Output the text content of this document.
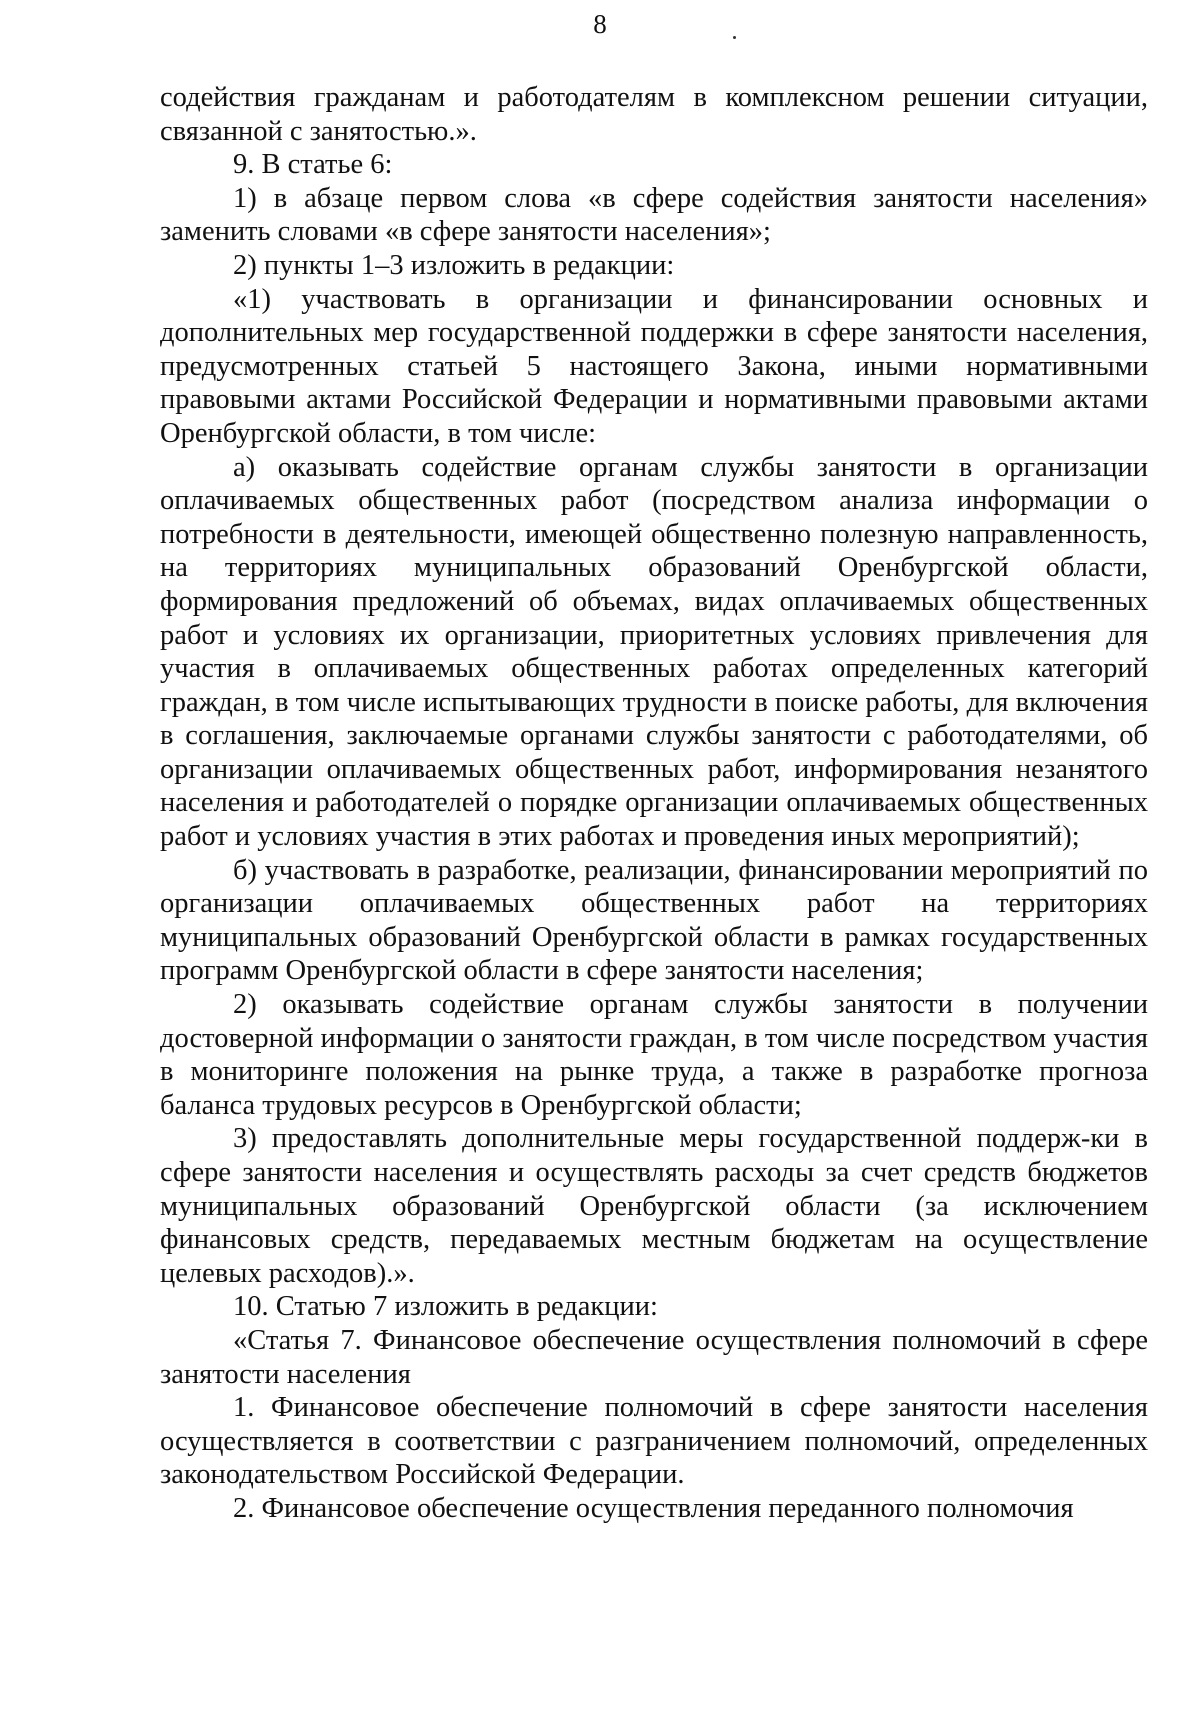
8

содействия гражданам и работодателям в комплексном решении ситуации, связанной с занятостью.».

9. В статье 6:

1) в абзаце первом слова «в сфере содействия занятости населения» заменить словами «в сфере занятости населения»;

2) пункты 1–3 изложить в редакции:

«1) участвовать в организации и финансировании основных и дополнительных мер государственной поддержки в сфере занятости населения, предусмотренных статьей 5 настоящего Закона, иными нормативными правовыми актами Российской Федерации и нормативными правовыми актами Оренбургской области, в том числе:

а) оказывать содействие органам службы занятости в организации оплачиваемых общественных работ (посредством анализа информации о потребности в деятельности, имеющей общественно полезную направленность, на территориях муниципальных образований Оренбургской области, формирования предложений об объемах, видах оплачиваемых общественных работ и условиях их организации, приоритетных условиях привлечения для участия в оплачиваемых общественных работах определенных категорий граждан, в том числе испытывающих трудности в поиске работы, для включения в соглашения, заключаемые органами службы занятости с работодателями, об организации оплачиваемых общественных работ, информирования незанятого населения и работодателей о порядке организации оплачиваемых общественных работ и условиях участия в этих работах и проведения иных мероприятий);

б) участвовать в разработке, реализации, финансировании мероприятий по организации оплачиваемых общественных работ на территориях муниципальных образований Оренбургской области в рамках государственных программ Оренбургской области в сфере занятости населения;

2) оказывать содействие органам службы занятости в получении достоверной информации о занятости граждан, в том числе посредством участия в мониторинге положения на рынке труда, а также в разработке прогноза баланса трудовых ресурсов в Оренбургской области;

3) предоставлять дополнительные меры государственной поддерж-ки в сфере занятости населения и осуществлять расходы за счет средств бюджетов муниципальных образований Оренбургской области (за исключением финансовых средств, передаваемых местным бюджетам на осуществление целевых расходов).».

10. Статью 7 изложить в редакции:

«Статья 7. Финансовое обеспечение осуществления полномочий в сфере занятости населения

1. Финансовое обеспечение полномочий в сфере занятости населения осуществляется в соответствии с разграничением полномочий, определенных законодательством Российской Федерации.

2. Финансовое обеспечение осуществления переданного полномочия
